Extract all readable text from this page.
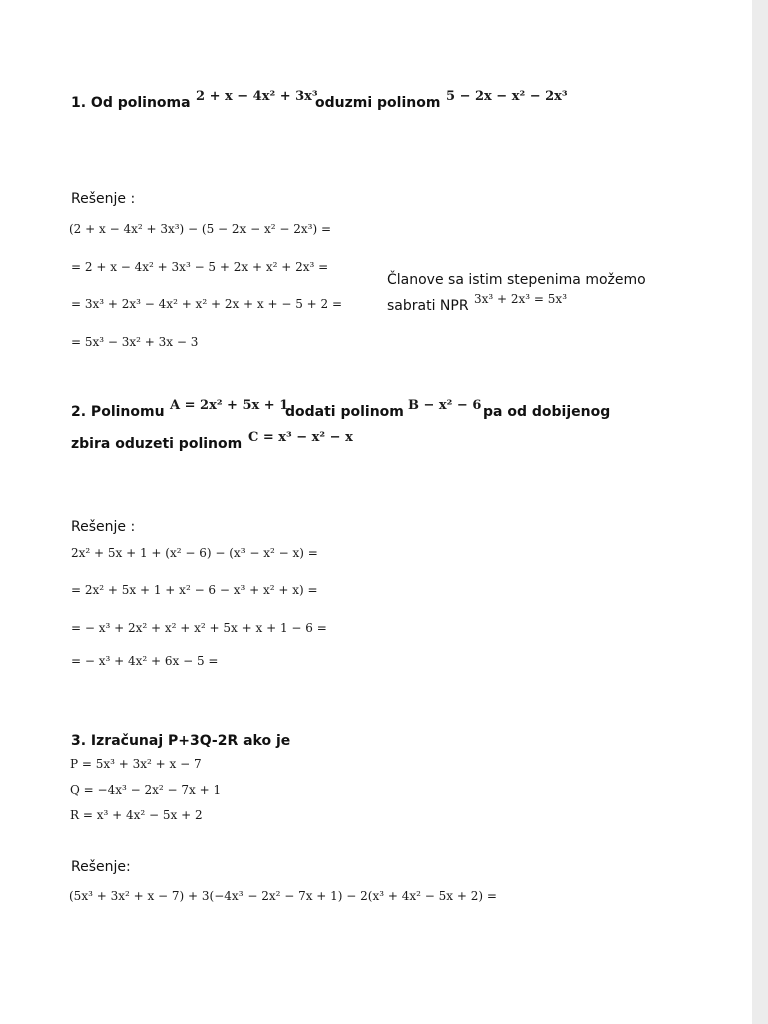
1. Od polinoma 2 + x − 4x² + 3x³
oduzmi polinom 5 − 2x − x² − 2x³
Rešenje :
(2 + x − 4x² + 3x³) − (5 − 2x − x² − 2x³) =
= 2 + x − 4x² + 3x³ − 5 + 2x + x² + 2x³ =
= 3x³ + 2x³ − 4x² + x² + 2x + x + − 5 + 2 =
= 5x³ − 3x² + 3x − 3
Članove sa istim stepenima možemo
sabrati NPR 3x³ + 2x³ = 5x³
2. Polinomu A = 2x² + 5x + 1
dodati polinom B − x² − 6 pa od dobijenog
zbira oduzeti polinom C = x³ − x² − x
Rešenje :
2x² + 5x + 1 + (x² − 6) − (x³ − x² − x) =
= 2x² + 5x + 1 + x² − 6 − x³ + x² + x) =
= − x³ + 2x² + x² + x² + 5x + x + 1 − 6 =
= − x³ + 4x² + 6x − 5 =
3. Izračunaj P+3Q-2R ako je
P = 5x³ + 3x² + x − 7
Q = −4x³ − 2x² − 7x + 1
R = x³ + 4x² − 5x + 2
Rešenje:
(5x³ + 3x² + x − 7) + 3(−4x³ − 2x² − 7x + 1) − 2(x³ + 4x² − 5x + 2) =
